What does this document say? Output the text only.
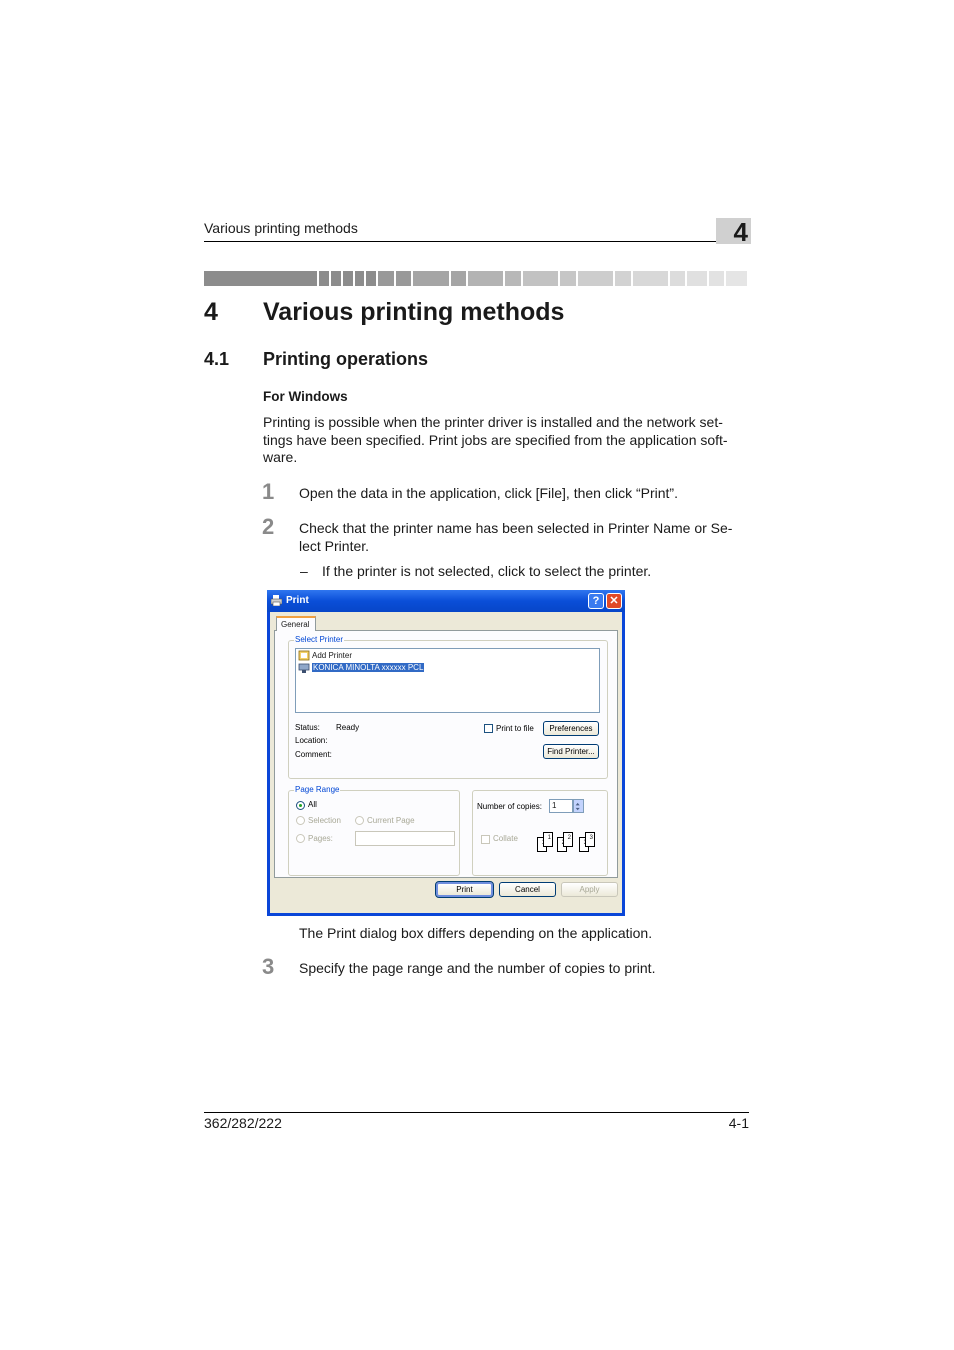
Various printing methods	4
4 Various printing methods
4.1 Printing operations
For Windows
Printing is possible when the printer driver is installed and the network set-
tings have been specified. Print jobs are specified from the application soft-
ware.
1 Open the data in the application, click [File], then click “Print”.
2 Check that the printer name has been selected in Printer Name or Se-
lect Printer.
– If the printer is not selected, click to select the printer.
Print	? ✕
General
Select Printer
Add Printer
KONICA MINOLTA xxxxxx PCL
Status: Ready
Location:
Comment:
Print to file	Preferences
Find Printer...
Page Range
All
Selection	Current Page
Pages:
Number of copies:	1
Collate	1	2	3
Print	Cancel	Apply
The Print dialog box differs depending on the application.
3 Specify the page range and the number of copies to print.
362/282/222	4-1
